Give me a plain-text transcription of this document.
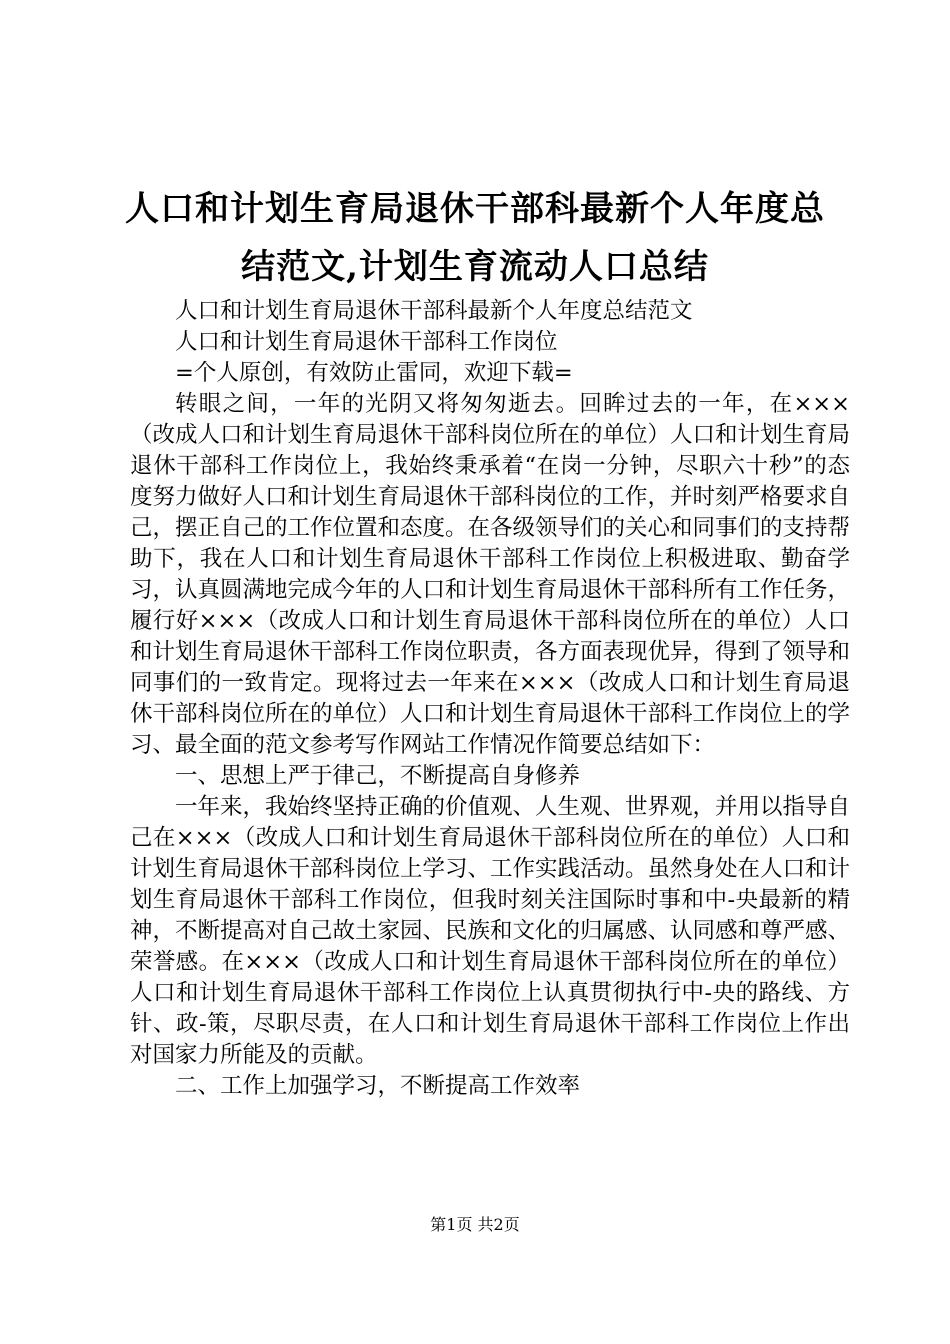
人口和计划生育局退休干部科最新个人年度总结范文,计划生育流动人口总结

人口和计划生育局退休干部科最新个人年度总结范文

人口和计划生育局退休干部科工作岗位

=个人原创，有效防止雷同，欢迎下载=

转眼之间，一年的光阴又将匆匆逝去。回眸过去的一年，在×××（改成人口和计划生育局退休干部科岗位所在的单位）人口和计划生育局退休干部科工作岗位上，我始终秉承着“在岗一分钟，尽职六十秒”的态度努力做好人口和计划生育局退休干部科岗位的工作，并时刻严格要求自己，摆正自己的工作位置和态度。在各级领导们的关心和同事们的支持帮助下，我在人口和计划生育局退休干部科工作岗位上积极进取、勤奋学习，认真圆满地完成今年的人口和计划生育局退休干部科所有工作任务，履行好×××（改成人口和计划生育局退休干部科岗位所在的单位）人口和计划生育局退休干部科工作岗位职责，各方面表现优异，得到了领导和同事们的一致肯定。现将过去一年来在×××（改成人口和计划生育局退休干部科岗位所在的单位）人口和计划生育局退休干部科工作岗位上的学习、最全面的范文参考写作网站工作情况作简要总结如下：

一、思想上严于律己，不断提高自身修养

一年来，我始终坚持正确的价值观、人生观、世界观，并用以指导自己在×××（改成人口和计划生育局退休干部科岗位所在的单位）人口和计划生育局退休干部科岗位上学习、工作实践活动。虽然身处在人口和计划生育局退休干部科工作岗位，但我时刻关注国际时事和中-央最新的精神，不断提高对自己故土家园、民族和文化的归属感、认同感和尊严感、荣誉感。在×××（改成人口和计划生育局退休干部科岗位所在的单位）人口和计划生育局退休干部科工作岗位上认真贯彻执行中-央的路线、方针、政-策，尽职尽责，在人口和计划生育局退休干部科工作岗位上作出对国家力所能及的贡献。

二、工作上加强学习，不断提高工作效率

第1页 共2页
